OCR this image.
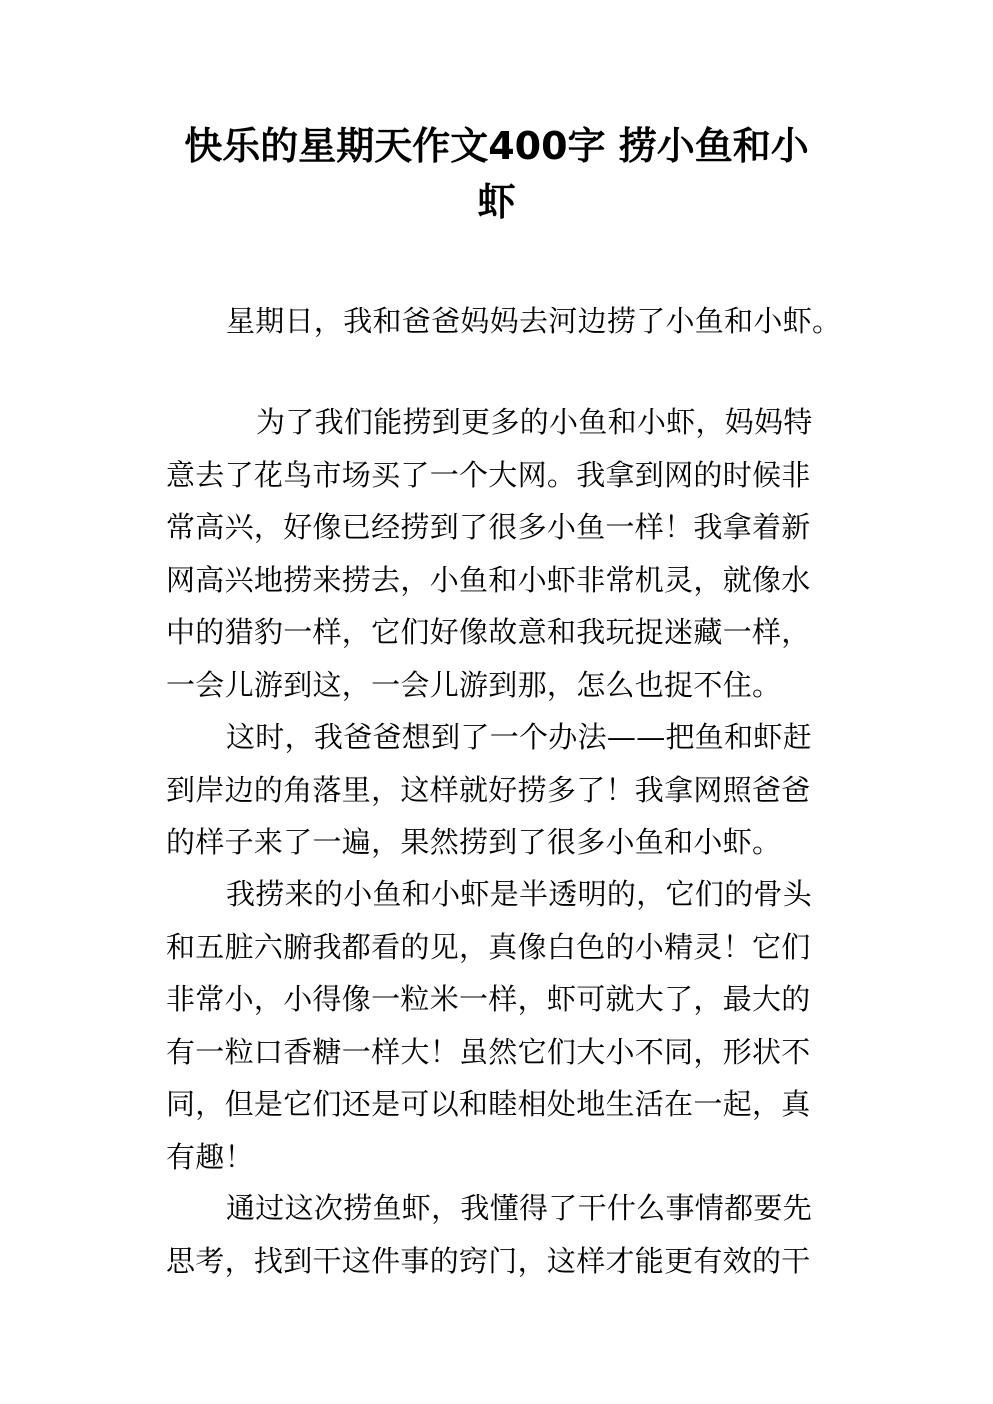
快乐的星期天作文400字 捞小鱼和小
虾

星期日，我和爸爸妈妈去河边捞了小鱼和小虾。

为了我们能捞到更多的小鱼和小虾，妈妈特
意去了花鸟市场买了一个大网。我拿到网的时候非
常高兴，好像已经捞到了很多小鱼一样！我拿着新
网高兴地捞来捞去，小鱼和小虾非常机灵，就像水
中的猎豹一样，它们好像故意和我玩捉迷藏一样，
一会儿游到这，一会儿游到那，怎么也捉不住。

这时，我爸爸想到了一个办法——把鱼和虾赶
到岸边的角落里，这样就好捞多了！我拿网照爸爸
的样子来了一遍，果然捞到了很多小鱼和小虾。

我捞来的小鱼和小虾是半透明的，它们的骨头
和五脏六腑我都看的见，真像白色的小精灵！它们
非常小，小得像一粒米一样，虾可就大了，最大的
有一粒口香糖一样大！虽然它们大小不同，形状不
同，但是它们还是可以和睦相处地生活在一起，真
有趣！

通过这次捞鱼虾，我懂得了干什么事情都要先
思考，找到干这件事的窍门，这样才能更有效的干
